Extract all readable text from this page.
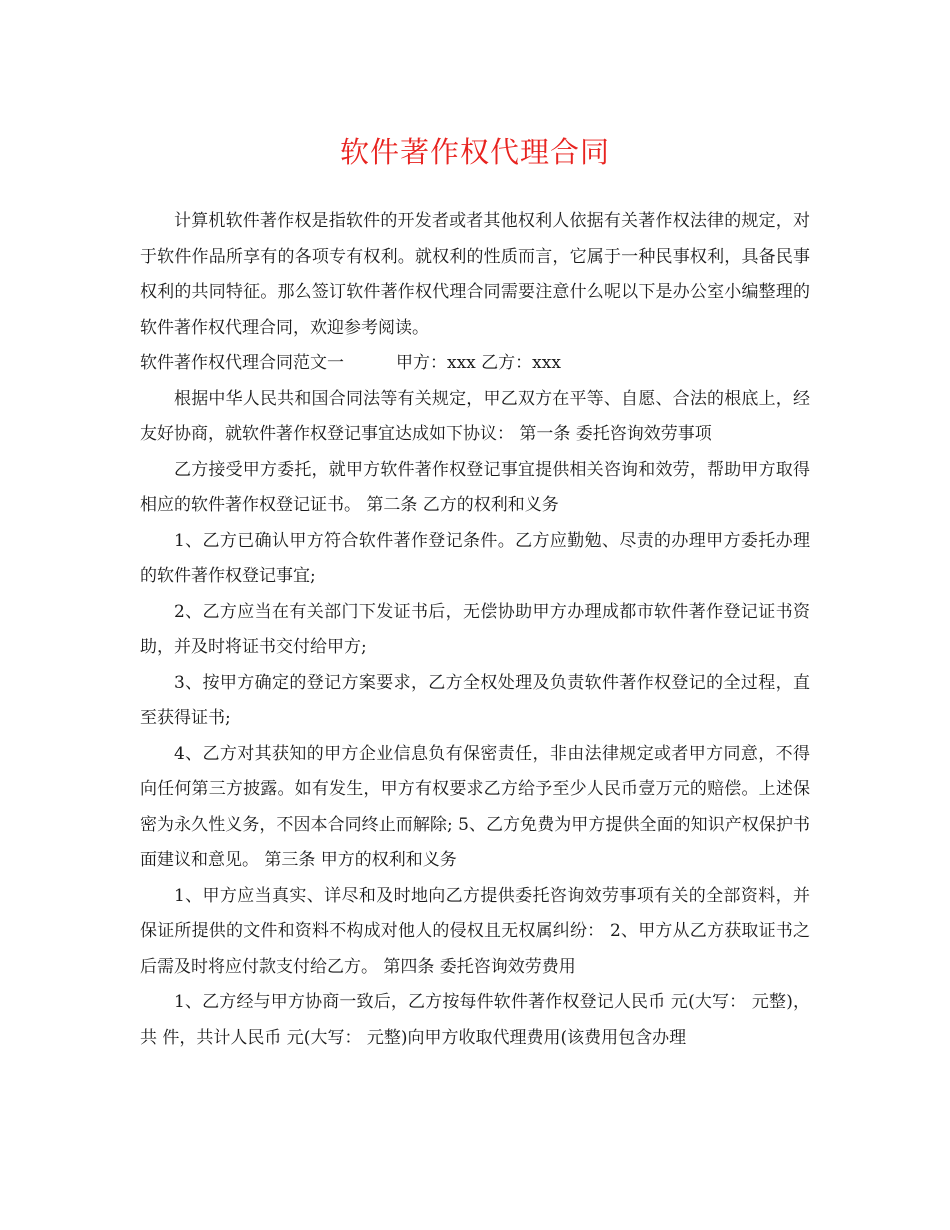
软件著作权代理合同

计算机软件著作权是指软件的开发者或者其他权利人依据有关著作权法律的规定，对于软件作品所享有的各项专有权利。就权利的性质而言，它属于一种民事权利，具备民事权利的共同特征。那么签订软件著作权代理合同需要注意什么呢以下是办公室小编整理的软件著作权代理合同，欢迎参考阅读。

软件著作权代理合同范文一	甲方：xxx 乙方：xxx

根据中华人民共和国合同法等有关规定，甲乙双方在平等、自愿、合法的根底上，经友好协商，就软件著作权登记事宜达成如下协议： 第一条 委托咨询效劳事项

乙方接受甲方委托，就甲方软件著作权登记事宜提供相关咨询和效劳，帮助甲方取得相应的软件著作权登记证书。 第二条 乙方的权利和义务

1、乙方已确认甲方符合软件著作登记条件。乙方应勤勉、尽责的办理甲方委托办理的软件著作权登记事宜;

2、乙方应当在有关部门下发证书后，无偿协助甲方办理成都市软件著作登记证书资助，并及时将证书交付给甲方;

3、按甲方确定的登记方案要求，乙方全权处理及负责软件著作权登记的全过程，直至获得证书;

4、乙方对其获知的甲方企业信息负有保密责任，非由法律规定或者甲方同意，不得向任何第三方披露。如有发生，甲方有权要求乙方给予至少人民币壹万元的赔偿。上述保密为永久性义务，不因本合同终止而解除; 5、乙方免费为甲方提供全面的知识产权保护书面建议和意见。 第三条 甲方的权利和义务

1、甲方应当真实、详尽和及时地向乙方提供委托咨询效劳事项有关的全部资料，并保证所提供的文件和资料不构成对他人的侵权且无权属纠纷： 2、甲方从乙方获取证书之后需及时将应付款支付给乙方。 第四条 委托咨询效劳费用

1、乙方经与甲方协商一致后，乙方按每件软件著作权登记人民币 元(大写： 元整)，共 件，共计人民币 元(大写： 元整)向甲方收取代理费用(该费用包含办理
